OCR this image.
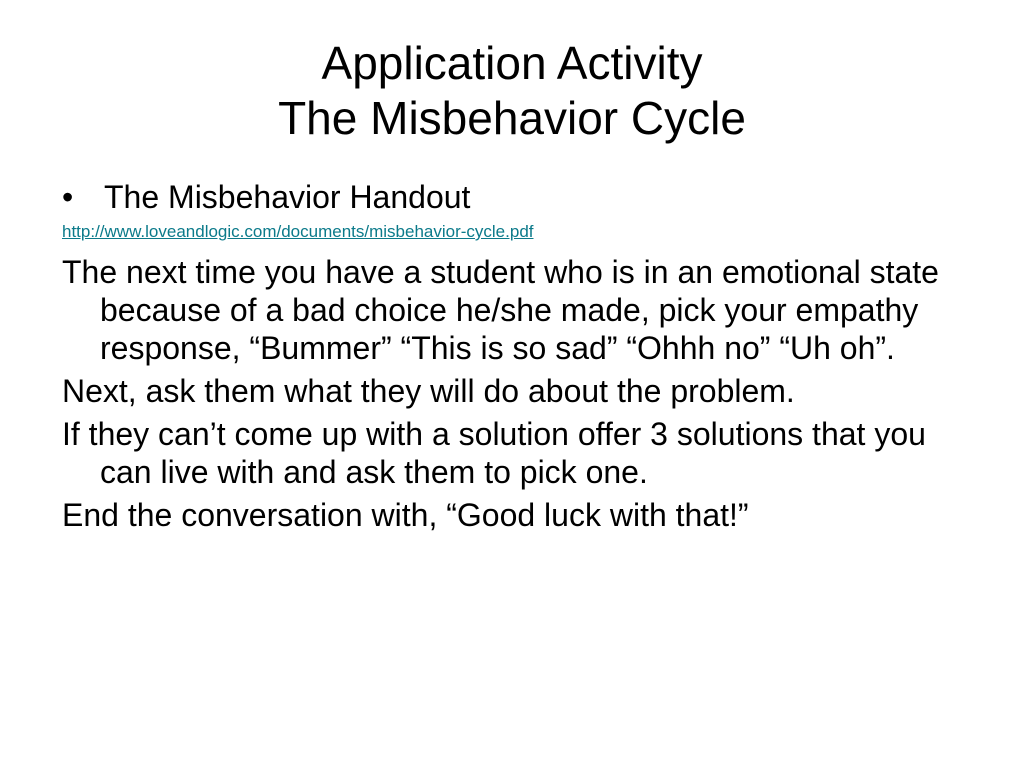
Application Activity
The Misbehavior Cycle
• The Misbehavior Handout
http://www.loveandlogic.com/documents/misbehavior-cycle.pdf

The next time you have a student who is in an emotional state because of a bad choice he/she made, pick your empathy response, “Bummer” “This is so sad” “Ohhh no” “Uh oh”.

Next, ask them what they will do about the problem.

If they can’t come up with a solution offer 3 solutions that you can live with and ask them to pick one.

End the conversation with, “Good luck with that!”
